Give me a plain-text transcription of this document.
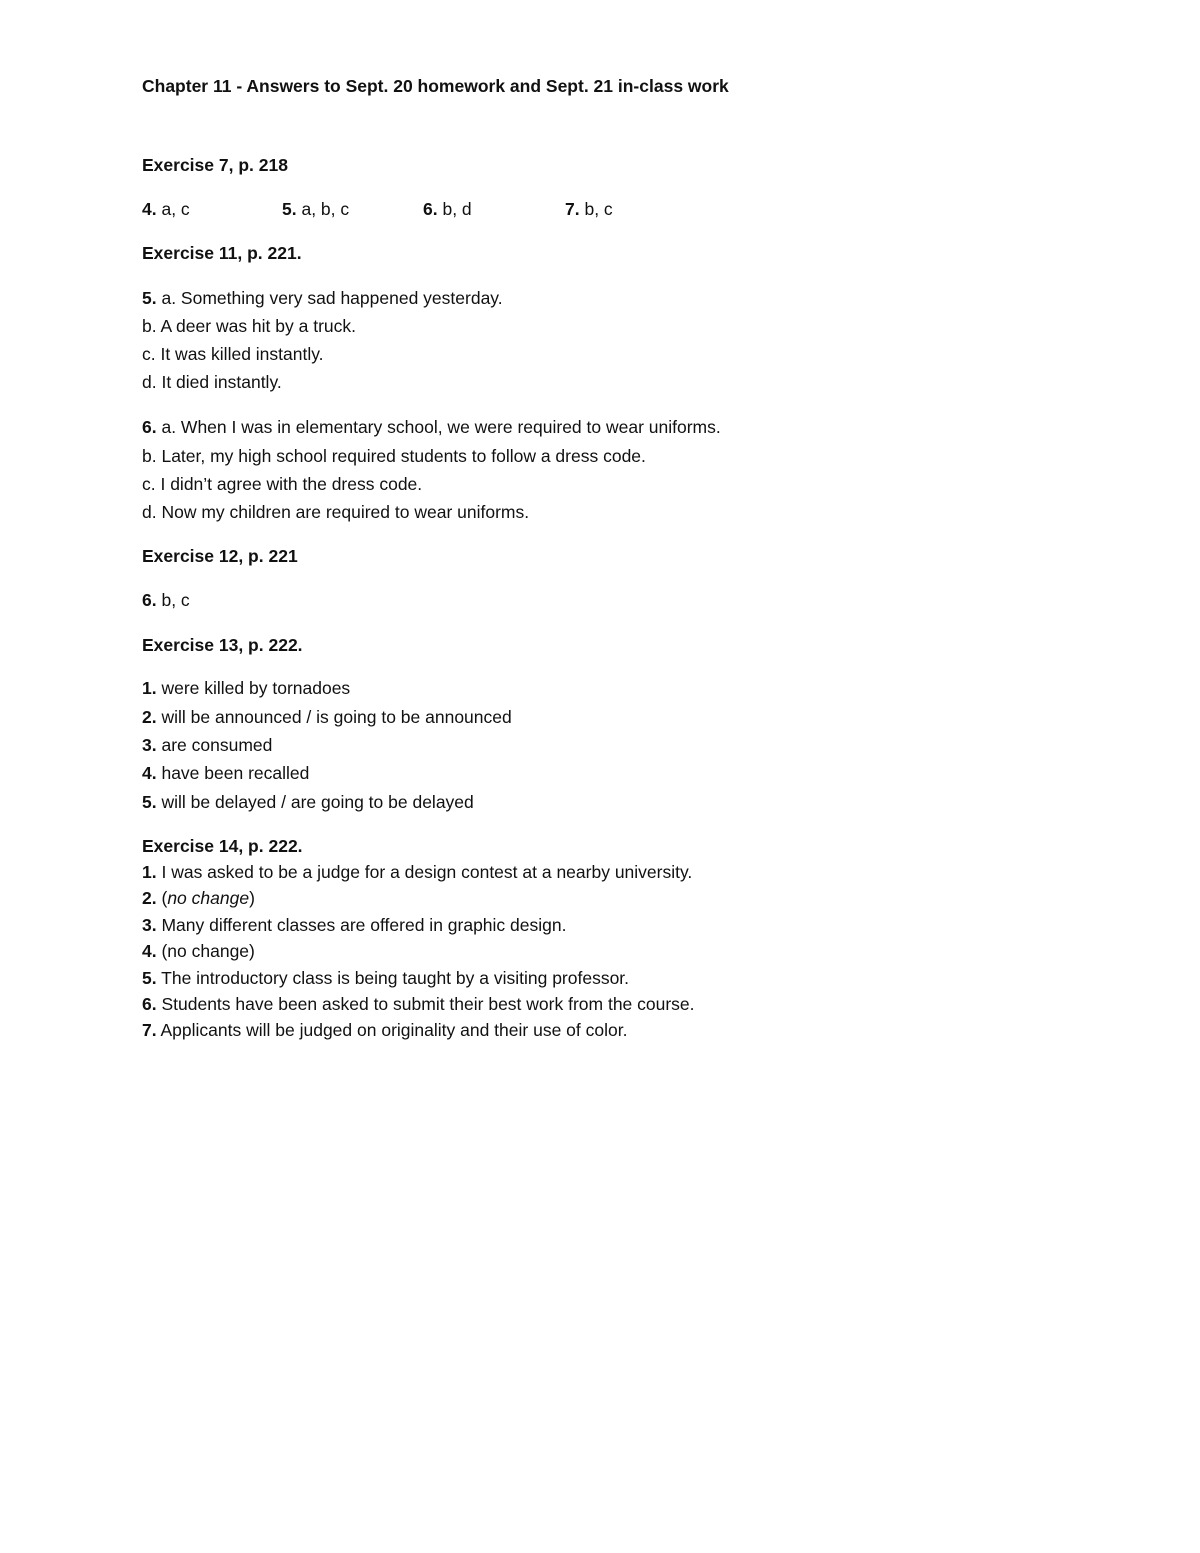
Chapter 11 - Answers to Sept. 20 homework and Sept. 21 in-class work
Exercise 7, p. 218
4. a, c	5. a, b, c	6. b, d	7. b, c
Exercise 11, p. 221.
5. a. Something very sad happened yesterday.
b. A deer was hit by a truck.
c. It was killed instantly.
d. It died instantly.
6. a. When I was in elementary school, we were required to wear uniforms.
b. Later, my high school required students to follow a dress code.
c. I didn’t agree with the dress code.
d. Now my children are required to wear uniforms.
Exercise 12, p. 221
6. b, c
Exercise 13, p. 222.
1. were killed by tornadoes
2. will be announced / is going to be announced
3. are consumed
4. have been recalled
5. will be delayed / are going to be delayed
Exercise 14, p. 222.
1. I was asked to be a judge for a design contest at a nearby university.
2. (no change)
3. Many different classes are offered in graphic design.
4. (no change)
5. The introductory class is being taught by a visiting professor.
6. Students have been asked to submit their best work from the course.
7. Applicants will be judged on originality and their use of color.
